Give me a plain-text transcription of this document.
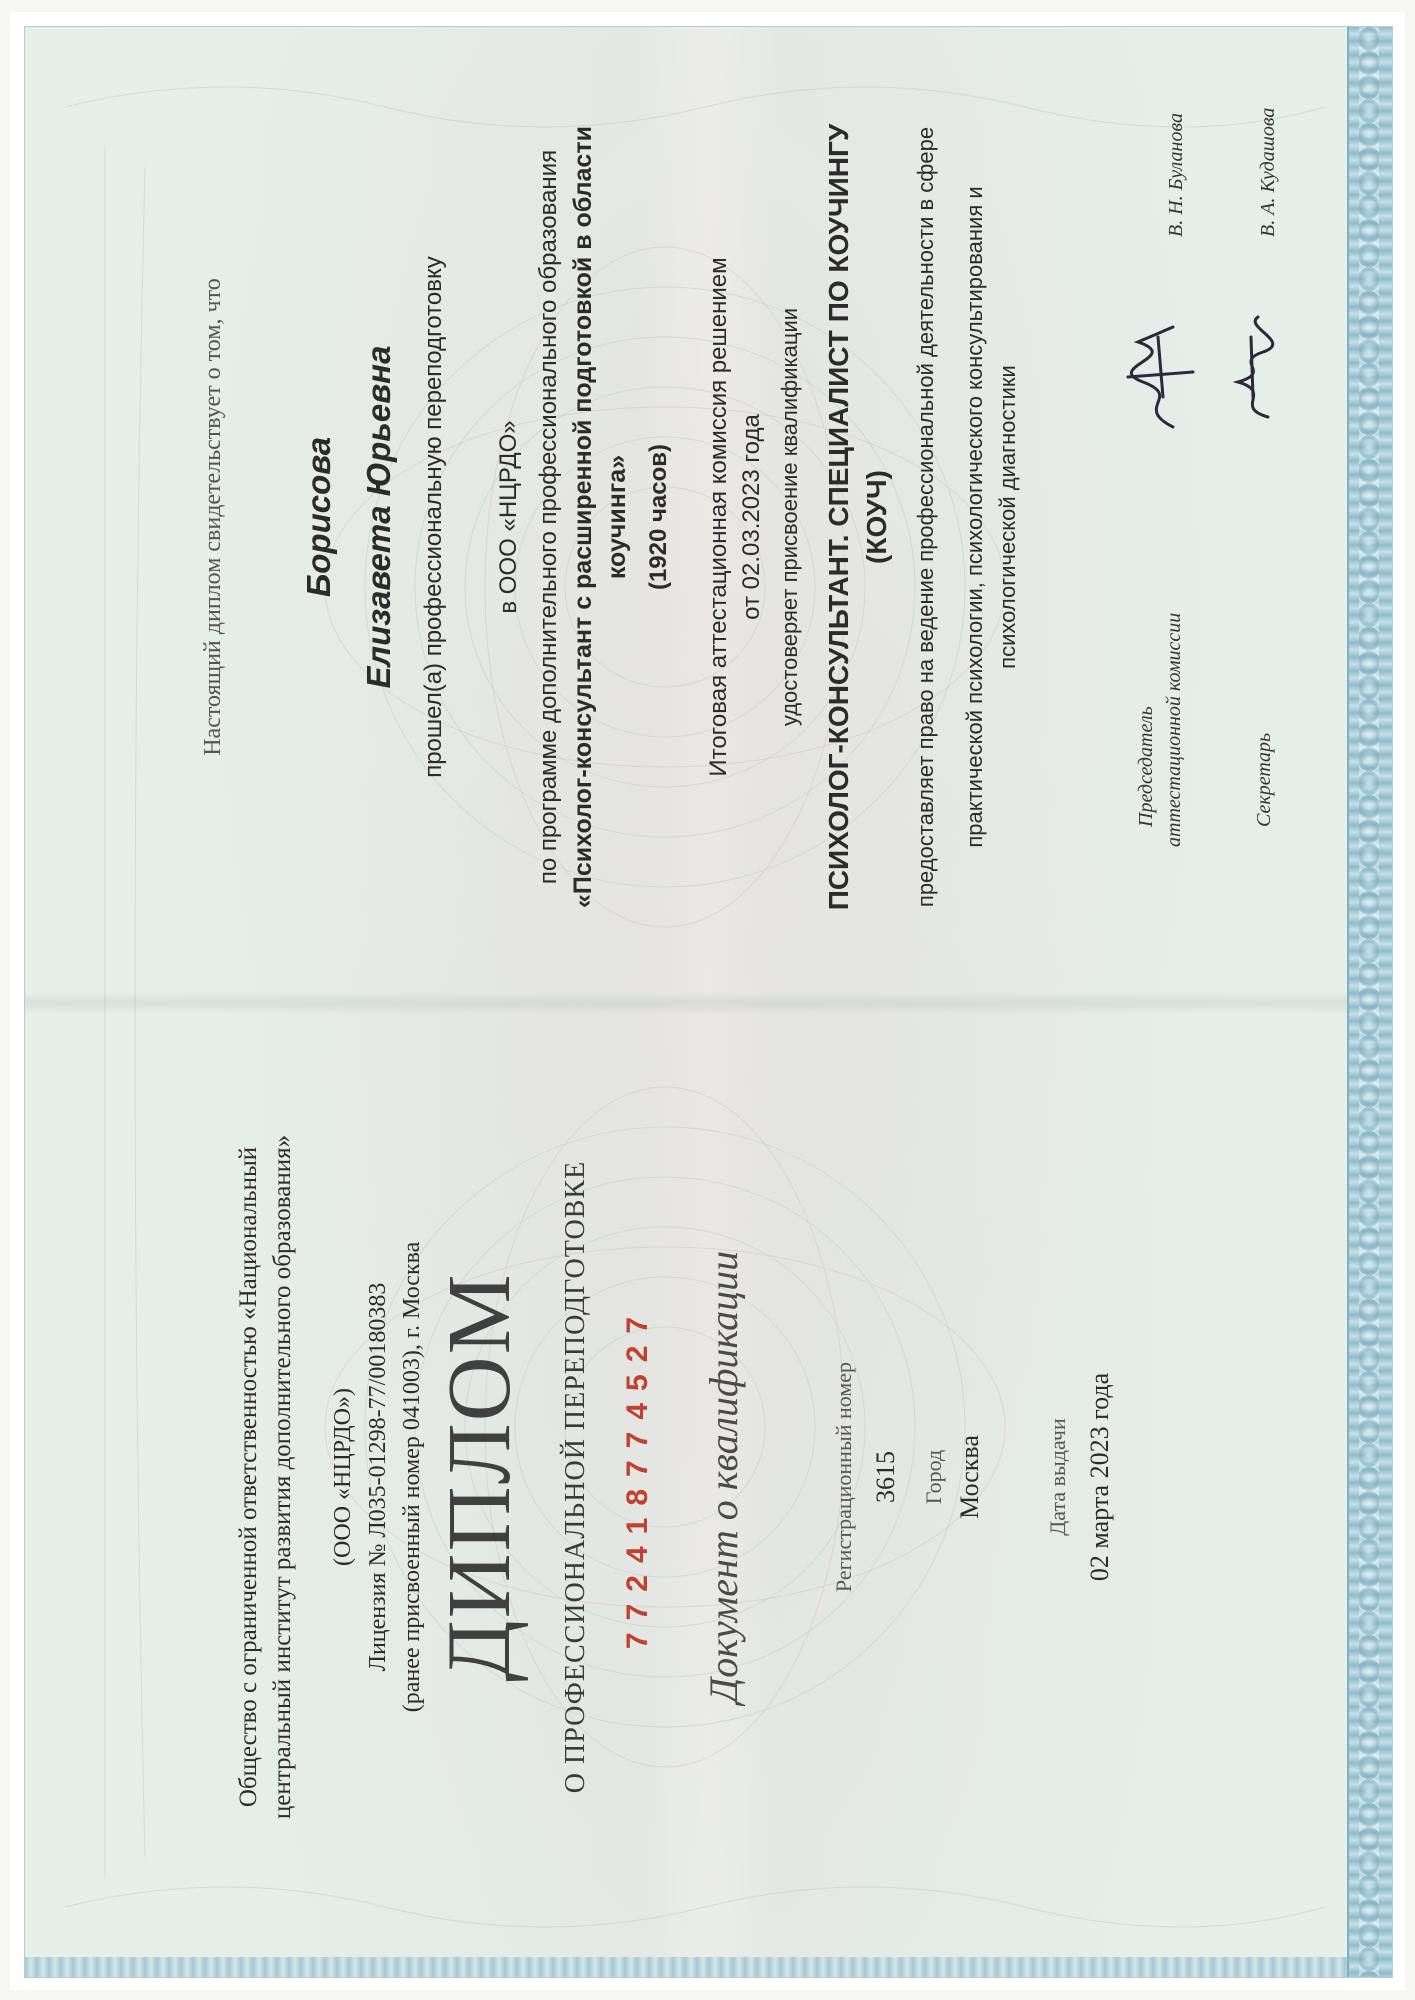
Общество с ограниченной ответственностью «Национальный центральный институт развития дополнительного образования» (ООО «НЦРДО») Лицензия № Л035-01298-77/00180383 (ранее присвоенный номер 041003), г. Москва ДИПЛОМ О ПРОФЕССИОНАЛЬНОЙ ПЕРЕПОДГОТОВКЕ 772418774527 Документ о квалификации	Регистрационный номер 3615 Город Москва	Дата выдачи 02 марта 2023 года
Настоящий диплом свидетельствует о том, что Борисова Елизавета Юрьевна прошел(а) профессиональную переподготовку в ООО «НЦРДО» по программе дополнительного профессионального образования «Психолог-консультант с расширенной подготовкой в области коучинга» (1920 часов) Итоговая аттестационная комиссия решением от 02.03.2023 года удостоверяет присвоение квалификации ПСИХОЛОГ-КОНСУЛЬТАНТ. СПЕЦИАЛИСТ ПО КОУЧИНГУ (КОУЧ) предоставляет право на ведение профессиональной деятельности в сфере практической психологии, психологического консультирования и психологической диагностики
Председатель аттестационной комиссии	Секретарь
В. Н. Буланова	В. А. Кудашова
